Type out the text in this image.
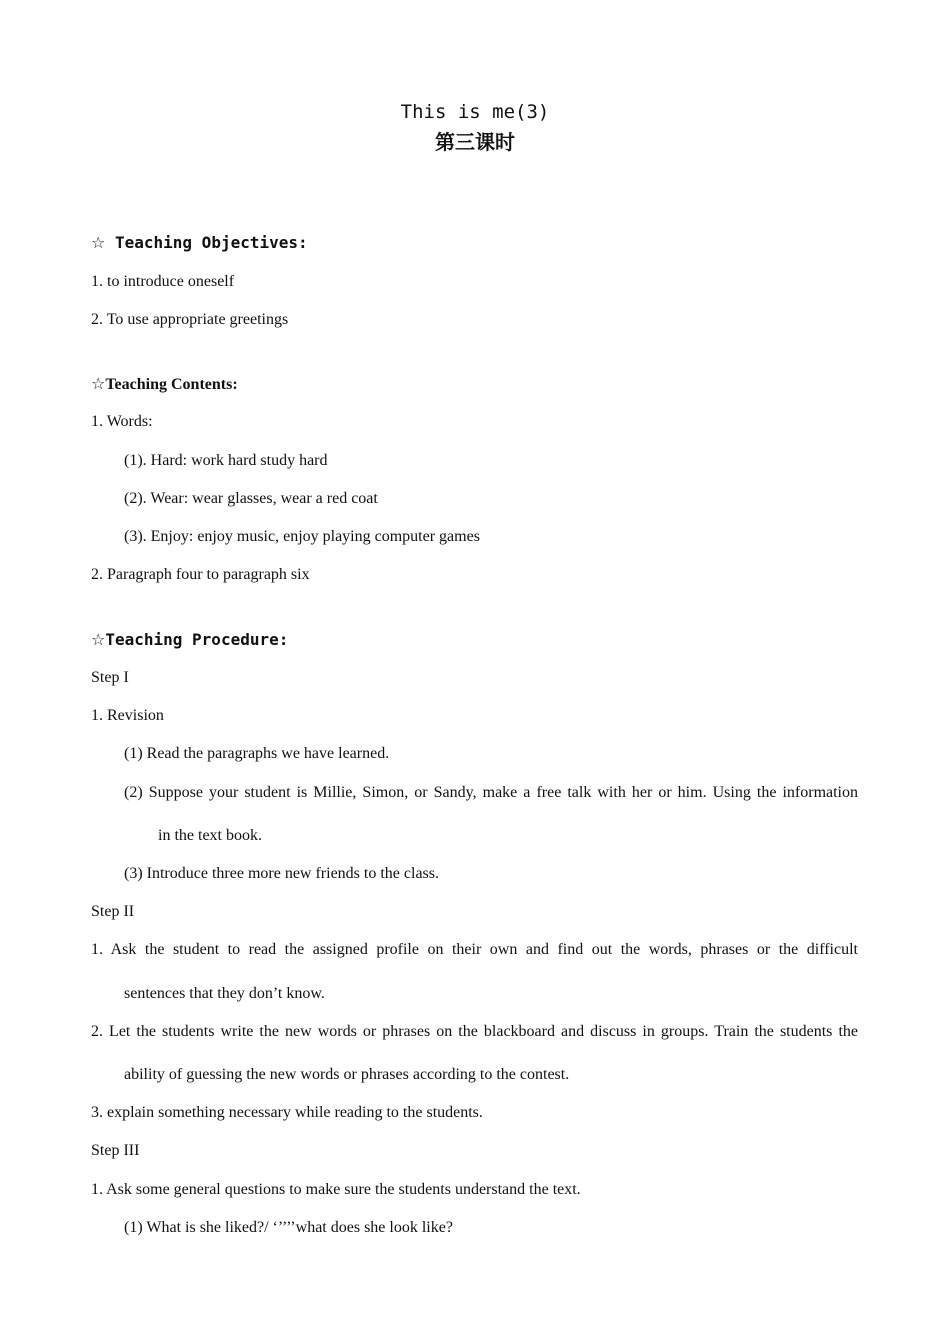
This is me(3)
第三课时
☆ Teaching Objectives:
1. to introduce oneself
2. To use appropriate greetings
☆Teaching Contents:
1. Words:
(1). Hard: work hard study hard
(2). Wear: wear glasses, wear a red coat
(3). Enjoy: enjoy music, enjoy playing computer games
2. Paragraph four to paragraph six
☆Teaching Procedure:
Step I
1. Revision
(1) Read the paragraphs we have learned.
(2) Suppose your student is Millie, Simon, or Sandy, make a free talk with her or him. Using the information
in the text book.
(3) Introduce three more new friends to the class.
Step II
1. Ask the student to read the assigned profile on their own and find out the words, phrases or the difficult
sentences that they don’t know.
2. Let the students write the new words or phrases on the blackboard and discuss in groups. Train the students the
ability of guessing the new words or phrases according to the contest.
3. explain something necessary while reading to the students.
Step III
1. Ask some general questions to make sure the students understand the text.
(1) What is she liked?/ ‘’’’’what does she look like?
